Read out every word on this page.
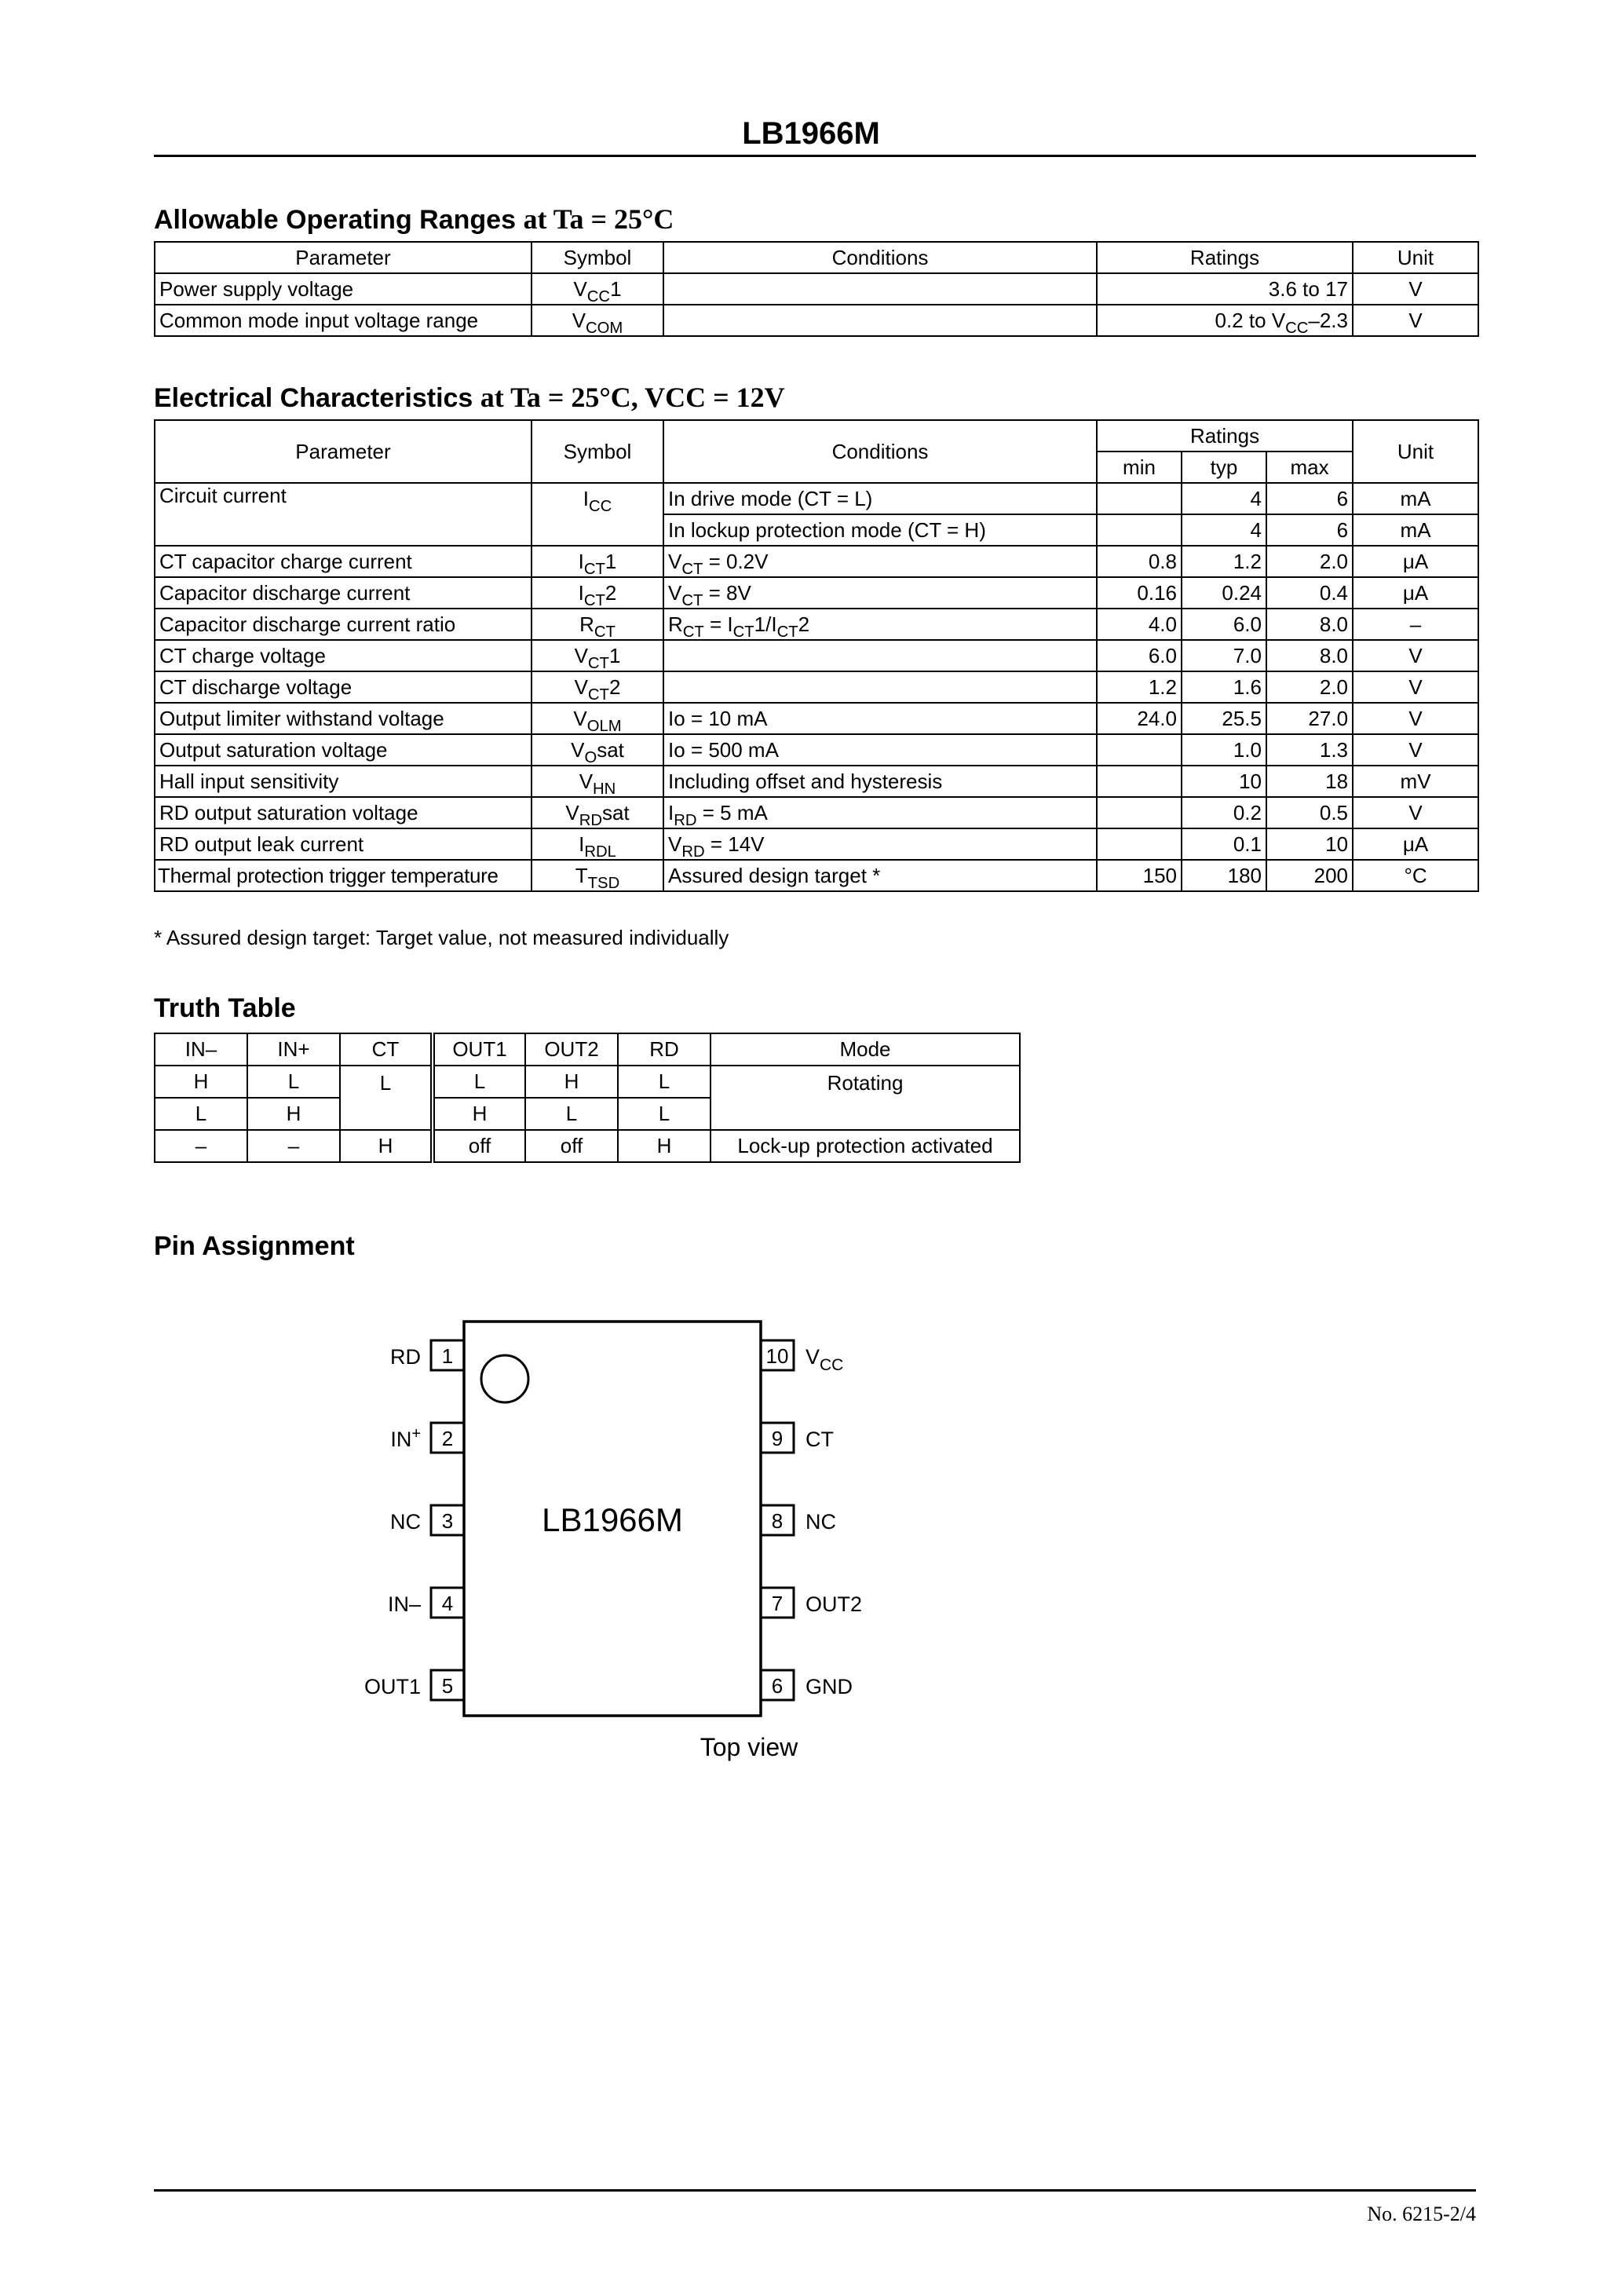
LB1966M
Allowable Operating Ranges at Ta = 25°C
Parameter	Symbol	Conditions	Ratings	Unit
Power supply voltage	$V_{CC}1$		3.6 to 17	V
Common mode input voltage range	$V_{COM}$		0.2 to $V_{CC}-2.3$	V
Electrical Characteristics at Ta = 25°C, VCC = 12V
Parameter	Symbol	Conditions	Ratings			Unit
			min	typ	max	
Circuit current	$I_{CC}$	In drive mode (CT = L)		4	6	mA
		In lockup protection mode (CT = H)		4	6	mA
CT capacitor charge current	$I_{CT}1$	$V_{CT} = 0.2V$	0.8	1.2	2.0	μA
Capacitor discharge current	$I_{CT}2$	$V_{CT} = 8V$	0.16	0.24	0.4	μA
Capacitor discharge current ratio	$R_{CT}$	$R_{CT} = I_{CT}1/I_{CT}2$	4.0	6.0	8.0	–
CT charge voltage	$V_{CT}1$		6.0	7.0	8.0	V
CT discharge voltage	$V_{CT}2$		1.2	1.6	2.0	V
Output limiter withstand voltage	$V_{OLM}$	Io = 10 mA	24.0	25.5	27.0	V
Output saturation voltage	$V_Osat$	Io = 500 mA		1.0	1.3	V
Hall input sensitivity	$V_{HN}$	Including offset and hysteresis		10	18	mV
RD output saturation voltage	$V_{RD}sat$	$I_{RD} = 5$ mA		0.2	0.5	V
RD output leak current	$I_{RDL}$	$V_{RD} = 14V$		0.1	10	μA
Thermal protection trigger temperature	$T_{TSD}$	Assured design target *	150	180	200	°C

* Assured design target: Target value, not measured individually

Truth Table
IN–	IN+	CT	OUT1	OUT2	RD	Mode
H	L	L	L	H	L	Rotating
L	H		H	L	L	
–	–	H	off	off	H	Lock-up protection activated
Pin Assignment
LB1966M
1
2
3
4
5
10
9
8
7
6
RD
IN+
NC
IN–
OUT1
$V_{CC}$
CT
NC
OUT2
GND
Top view
No. 6215-2/4
